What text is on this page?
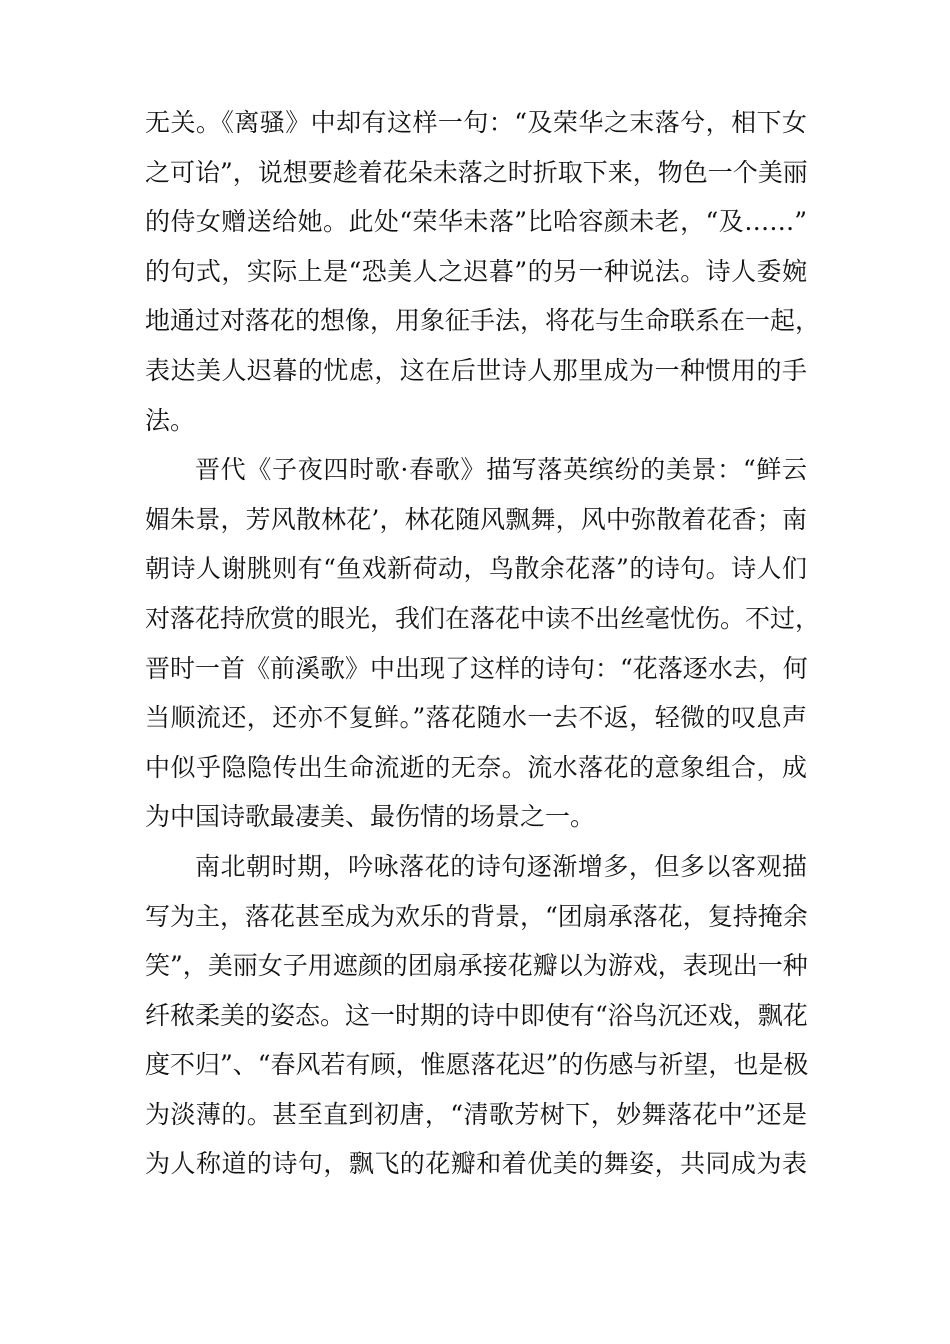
无关。《离骚》中却有这样一句：“及荣华之末落兮，相下女
之可诒”，说想要趁着花朵未落之时折取下来，物色一个美丽
的侍女赠送给她。此处“荣华未落”比哈容颜未老，“及……”
的句式，实际上是“恐美人之迟暮”的另一种说法。诗人委婉
地通过对落花的想像，用象征手法，将花与生命联系在一起，
表达美人迟暮的忧虑，这在后世诗人那里成为一种惯用的手
法。
晋代《子夜四时歌·春歌》描写落英缤纷的美景：“鲜云
媚朱景，芳风散林花’，林花随风飘舞，风中弥散着花香；南
朝诗人谢朓则有“鱼戏新荷动，鸟散余花落”的诗句。诗人们
对落花持欣赏的眼光，我们在落花中读不出丝毫忧伤。不过，
晋时一首《前溪歌》中出现了这样的诗句：“花落逐水去，何
当顺流还，还亦不复鲜。”落花随水一去不返，轻微的叹息声
中似乎隐隐传出生命流逝的无奈。流水落花的意象组合，成
为中国诗歌最凄美、最伤情的场景之一。
南北朝时期，吟咏落花的诗句逐渐增多，但多以客观描
写为主，落花甚至成为欢乐的背景，“团扇承落花，复持掩余
笑”，美丽女子用遮颜的团扇承接花瓣以为游戏，表现出一种
纤秾柔美的姿态。这一时期的诗中即使有“浴鸟沉还戏，飘花
度不归”、“春风若有顾，惟愿落花迟”的伤感与祈望，也是极
为淡薄的。甚至直到初唐，“清歌芳树下，妙舞落花中”还是
为人称道的诗句，飘飞的花瓣和着优美的舞姿，共同成为表
